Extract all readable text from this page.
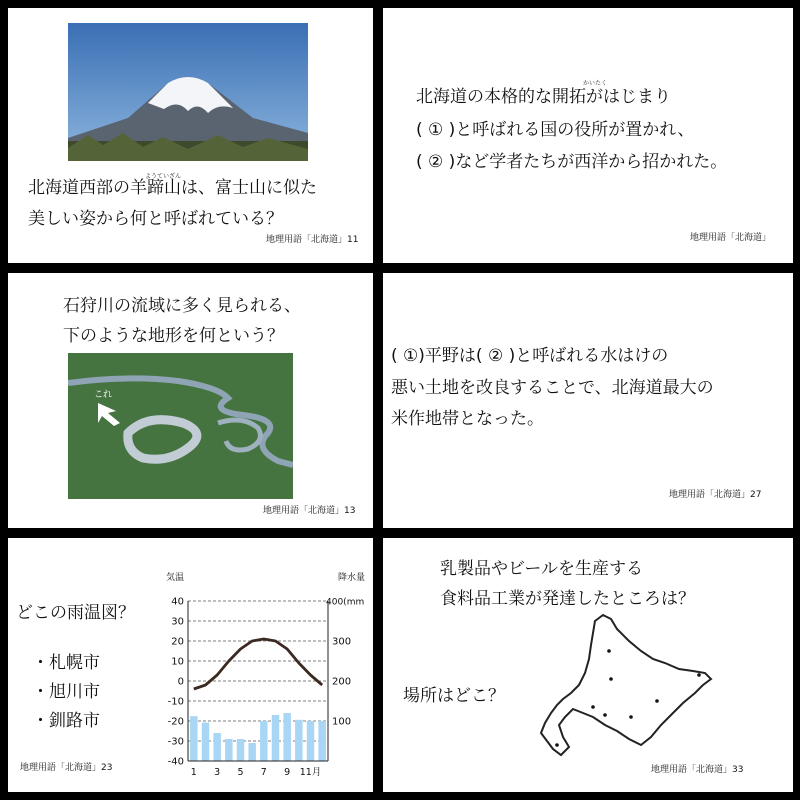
ようていざん
北海道西部の羊蹄山は、富士山に似た
美しい姿から何と呼ばれている？
地理用語「北海道」11
かいたく
北海道の本格的な開拓がはじまり
( ① )と呼ばれる国の役所が置かれ、
( ② )など学者たちが西洋から招かれた。
地理用語「北海道」
石狩川の流域に多く見られる、
下のような地形を何という？
これ
地理用語「北海道」13
( ①)平野は( ② )と呼ばれる水はけの
悪い土地を改良することで、北海道最大の
米作地帯となった。
地理用語「北海道」27
どこの雨温図？
・札幌市
・旭川市
・釧路市
40
30
20
10
0
-10
-20
-30
-40
300
200
100
400(mm
気温	降水量
1 3 5 7 9 11月
地理用語「北海道」23
乳製品やビールを生産する
食料品工業が発達したところは？
場所はどこ？
地理用語「北海道」33
